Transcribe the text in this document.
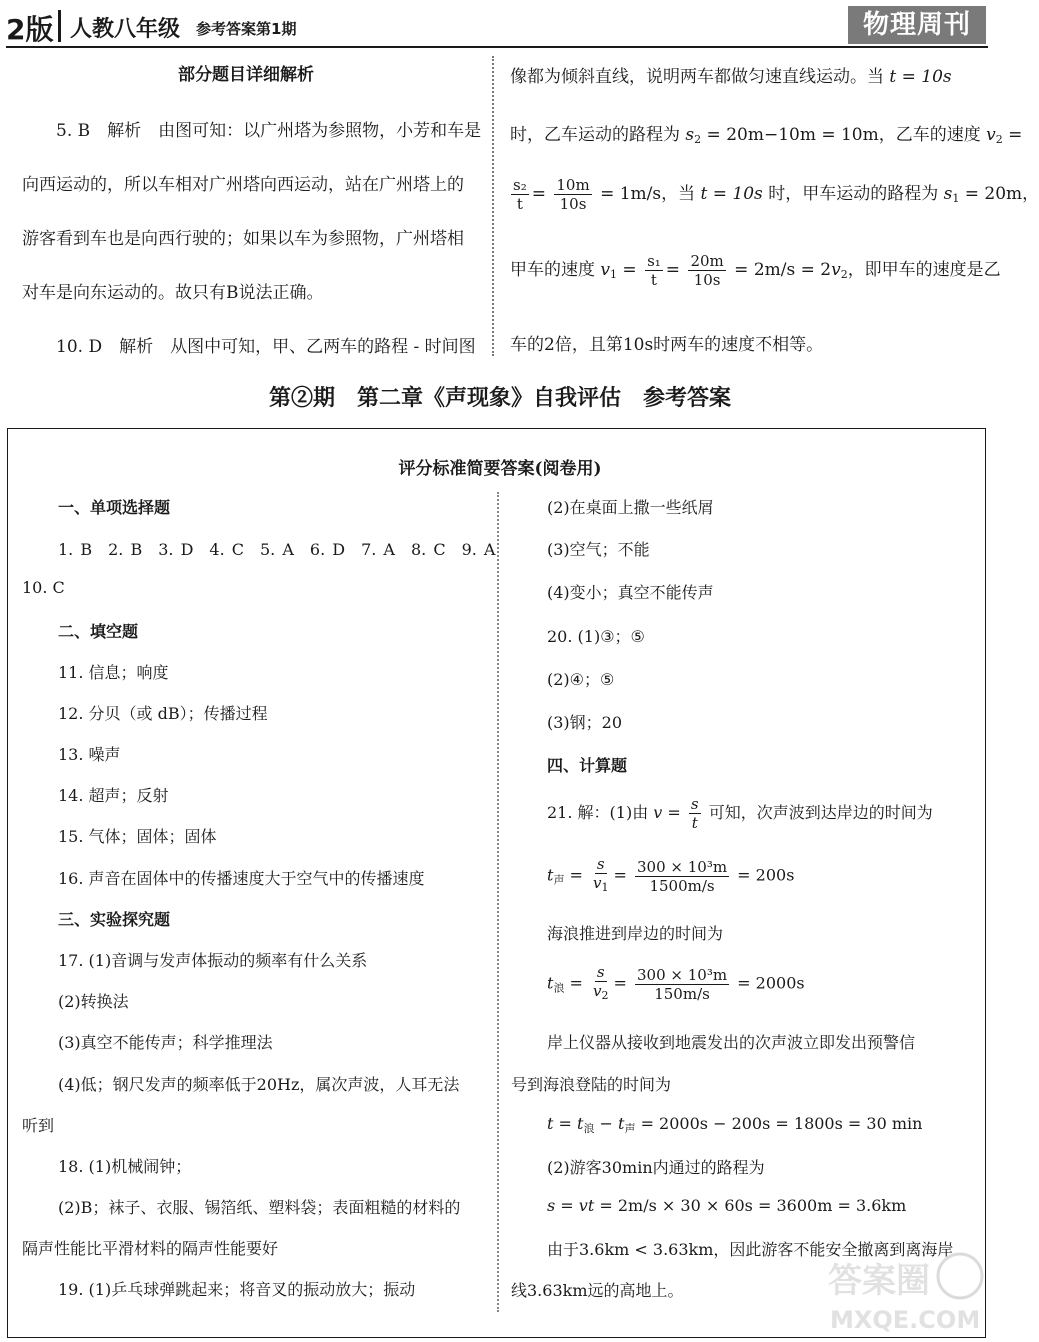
2版 人教八年级 参考答案第1期	物理周刊
部分题目详细解析
5. B　解析　由图可知：以广州塔为参照物，小芳和车是
向西运动的，所以车相对广州塔向西运动，站在广州塔上的
游客看到车也是向西行驶的；如果以车为参照物，广州塔相
对车是向东运动的。故只有B说法正确。
10. D　解析　从图中可知，甲、乙两车的路程 - 时间图
像都为倾斜直线，说明两车都做匀速直线运动。当 t = 10s
时，乙车运动的路程为 $s_2 = 20m-10m = 10m$，乙车的速度 $v_2$ =
$\frac{\text{s₂}}{t} = \frac{10m}{10s} = 1m/s$，当 t = 10s 时，甲车运动的路程为 $s_1 = 20m$，
甲车的速度 $v_1 = \frac{\text{s₁}}{t} = \frac{20m}{10s} = 2m/s = 2v_2$，即甲车的速度是乙
车的2倍，且第10s时两车的速度不相等。
第②期　第二章《声现象》自我评估　参考答案
评分标准简要答案(阅卷用)
一、单项选择题
1. B　2. B　3. D　4. C　5. A　6. D　7. A　8. C　9. A
10. C
二、填空题
11. 信息；响度
12. 分贝（或 dB）；传播过程
13. 噪声
14. 超声；反射
15. 气体；固体；固体
16. 声音在固体中的传播速度大于空气中的传播速度
三、实验探究题
17. (1)音调与发声体振动的频率有什么关系
(2)转换法
(3)真空不能传声；科学推理法
(4)低；钢尺发声的频率低于20Hz，属次声波，人耳无法
听到
18. (1)机械闹钟；
(2)B；袜子、衣服、锡箔纸、塑料袋；表面粗糙的材料的
隔声性能比平滑材料的隔声性能要好
19. (1)乒乓球弹跳起来；将音叉的振动放大；振动
(2)在桌面上撒一些纸屑
(3)空气；不能
(4)变小；真空不能传声
20. (1)③；⑤
(2)④；⑤
(3)钢；20
四、计算题
21. 解：(1)由 $v = \frac{s}{t}$ 可知，次声波到达岸边的时间为
$t_声 = \frac{s}{v_1} = \frac{\text{300 × 10³m}}{1500m/s} = 200s$
海浪推进到岸边的时间为
$t_浪 = \frac{s}{v_2} = \frac{\text{300 × 10³m}}{150m/s} = 2000s$
岸上仪器从接收到地震发出的次声波立即发出预警信
号到海浪登陆的时间为
$t = t_浪 - t_声 = 2000s - 200s = 1800s = 30$ min
(2)游客30min内通过的路程为
s = vt = 2m/s × 30 × 60s = 3600m = 3.6km
由于3.6km < 3.63km，因此游客不能安全撤离到离海岸
线3.63km远的高地上。	答案圈
MXQE.COM
